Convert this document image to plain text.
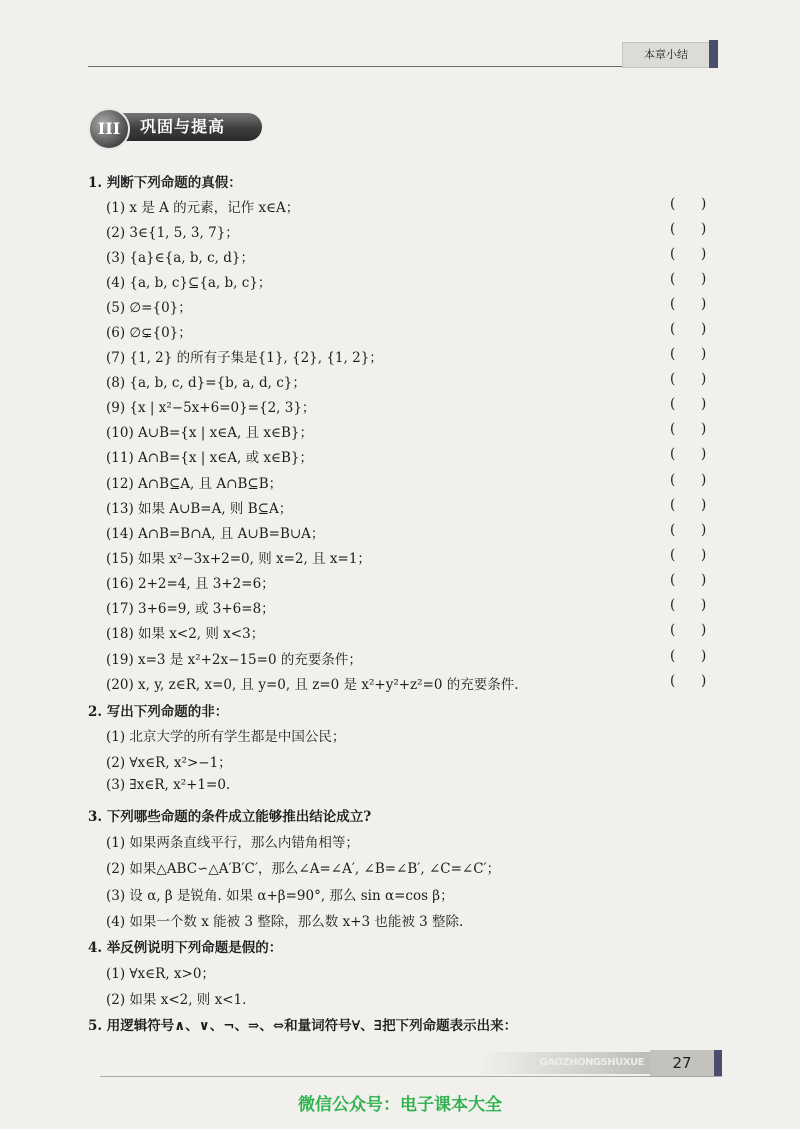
本章小结
III	巩固与提高
1. 判断下列命题的真假：
(1) x 是 A 的元素，记作 x∈A；
(2) 3∈{1, 5, 3, 7}；
(3) {a}∈{a, b, c, d}；
(4) {a, b, c}⊆{a, b, c}；
(5) ∅={0}；
(6) ∅⊊{0}；
(7) {1, 2} 的所有子集是{1}, {2}, {1, 2}；
(8) {a, b, c, d}={b, a, d, c}；
(9) {x | x²−5x+6=0}={2, 3}；
(10) A∪B={x | x∈A, 且 x∈B}；
(11) A∩B={x | x∈A, 或 x∈B}；
(12) A∩B⊆A, 且 A∩B⊆B；
(13) 如果 A∪B=A, 则 B⊆A；
(14) A∩B=B∩A, 且 A∪B=B∪A；
(15) 如果 x²−3x+2=0, 则 x=2, 且 x=1；
(16) 2+2=4, 且 3+2=6；
(17) 3+6=9, 或 3+6=8；
(18) 如果 x<2, 则 x<3；
(19) x=3 是 x²+2x−15=0 的充要条件；
(20) x, y, z∈R, x=0, 且 y=0, 且 z=0 是 x²+y²+z²=0 的充要条件.
(      )
(      )
(      )
(      )
(      )
(      )
(      )
(      )
(      )
(      )
(      )
(      )
(      )
(      )
(      )
(      )
(      )
(      )
(      )
(      )
2. 写出下列命题的非：
(1) 北京大学的所有学生都是中国公民；
(2) ∀x∈R, x²>−1；
(3) ∃x∈R, x²+1=0.
3. 下列哪些命题的条件成立能够推出结论成立?
(1) 如果两条直线平行，那么内错角相等；
(2) 如果△ABC∽△A′B′C′，那么∠A=∠A′, ∠B=∠B′, ∠C=∠C′；
(3) 设 α, β 是锐角. 如果 α+β=90°, 那么 sin α=cos β；
(4) 如果一个数 x 能被 3 整除，那么数 x+3 也能被 3 整除.
4. 举反例说明下列命题是假的：
(1) ∀x∈R, x>0；
(2) 如果 x<2, 则 x<1.
5. 用逻辑符号∧、∨、¬、⇒、⇔和量词符号∀、∃把下列命题表示出来：
GAOZHONGSHUXUE	27
微信公众号：电子课本大全
